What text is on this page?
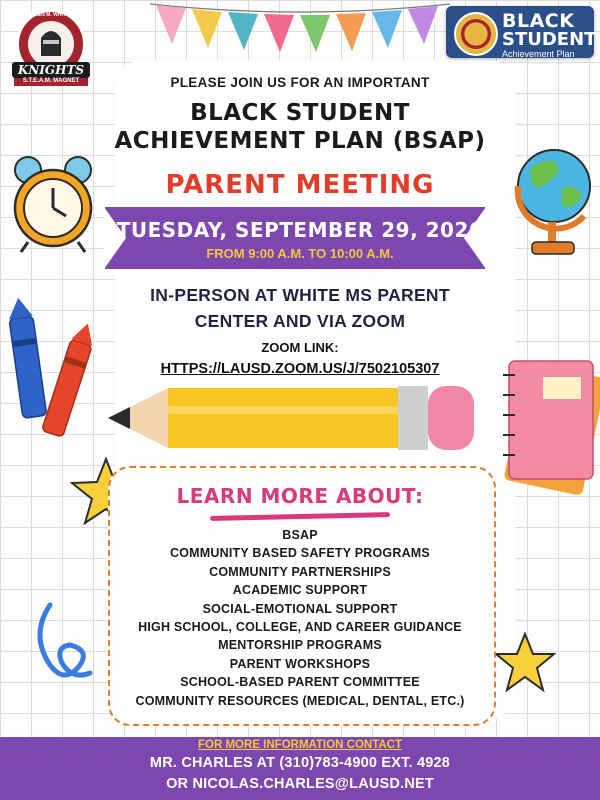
KNIGHTS
S.T.E.A.M. MAGNET
STEPHEN M. WHITE M.S.	BLACK
STUDENT
Achievement Plan
PLEASE JOIN US FOR AN IMPORTANT
BLACK STUDENT
ACHIEVEMENT PLAN (BSAP)
PARENT MEETING
TUESDAY, SEPTEMBER 29, 2026
FROM 9:00 A.M. TO 10:00 A.M.
IN-PERSON AT WHITE MS PARENT
CENTER AND VIA ZOOM
ZOOM LINK:
HTTPS://LAUSD.ZOOM.US/J/7502105307
LEARN MORE ABOUT:
BSAP
COMMUNITY BASED SAFETY PROGRAMS
COMMUNITY PARTNERSHIPS
ACADEMIC SUPPORT
SOCIAL-EMOTIONAL SUPPORT
HIGH SCHOOL, COLLEGE, AND CAREER GUIDANCE
MENTORSHIP PROGRAMS
PARENT WORKSHOPS
SCHOOL-BASED PARENT COMMITTEE
COMMUNITY RESOURCES (MEDICAL, DENTAL, ETC.)
FOR MORE INFORMATION CONTACT
MR. CHARLES AT (310)783-4900 EXT. 4928
OR NICOLAS.CHARLES@LAUSD.NET
